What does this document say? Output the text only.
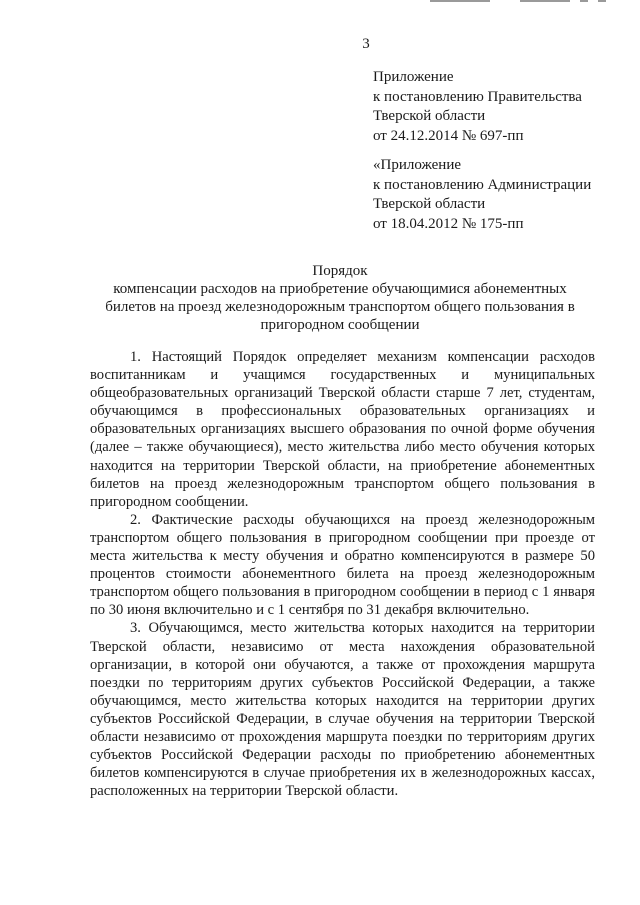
3
Приложение
к постановлению Правительства
Тверской области
от 24.12.2014 № 697-пп
«Приложение
к постановлению Администрации
Тверской области
от 18.04.2012 № 175-пп
Порядок
компенсации расходов на приобретение обучающимися абонементных
билетов на проезд железнодорожным транспортом общего пользования в
пригородном сообщении

1. Настоящий Порядок определяет механизм компенсации расходов воспитанникам и учащимся государственных и муниципальных общеобразовательных организаций Тверской области старше 7 лет, студентам, обучающимся в профессиональных образовательных организациях и образовательных организациях высшего образования по очной форме обучения (далее – также обучающиеся), место жительства либо место обучения которых находится на территории Тверской области, на приобретение абонементных билетов на проезд железнодорожным транспортом общего пользования в пригородном сообщении.

2. Фактические расходы обучающихся на проезд железнодорожным транспортом общего пользования в пригородном сообщении при проезде от места жительства к месту обучения и обратно компенсируются в размере 50 процентов стоимости абонементного билета на проезд железнодорожным транспортом общего пользования в пригородном сообщении в период с 1 января по 30 июня включительно и с 1 сентября по 31 декабря включительно.

3. Обучающимся, место жительства которых находится на территории Тверской области, независимо от места нахождения образовательной организации, в которой они обучаются, а также от прохождения маршрута поездки по территориям других субъектов Российской Федерации, а также обучающимся, место жительства которых находится на территории других субъектов Российской Федерации, в случае обучения на территории Тверской области независимо от прохождения маршрута поездки по территориям других субъектов Российской Федерации расходы по приобретению абонементных билетов компенсируются в случае приобретения их в железнодорожных кассах, расположенных на территории Тверской области.
